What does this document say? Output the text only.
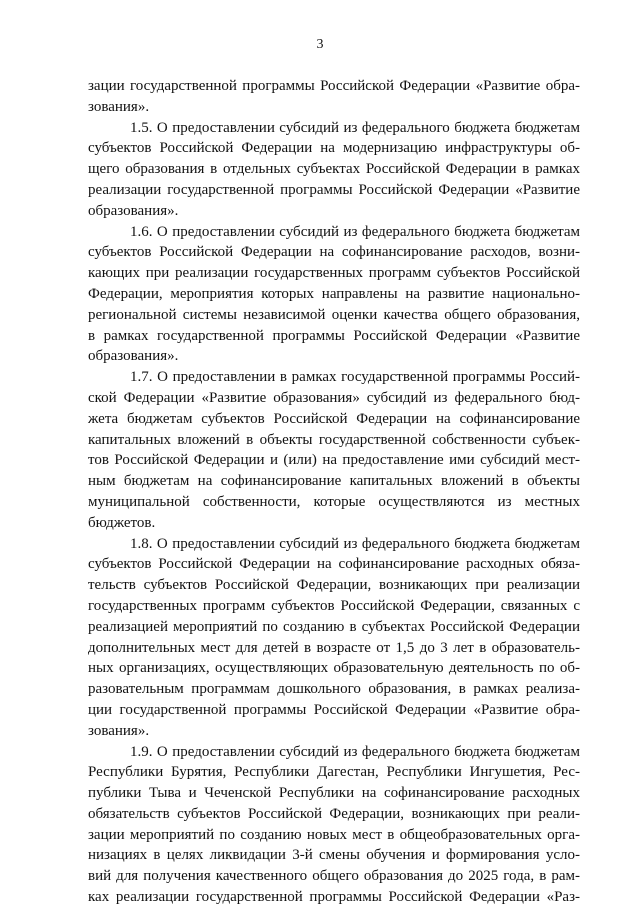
3
зации государственной программы Российской Федерации «Развитие обра-
зования».
1.5. О предоставлении субсидий из федерального бюджета бюджетам
субъектов Российской Федерации на модернизацию инфраструктуры об-
щего образования в отдельных субъектах Российской Федерации в рамках
реализации государственной программы Российской Федерации «Развитие
образования».
1.6. О предоставлении субсидий из федерального бюджета бюджетам
субъектов Российской Федерации на софинансирование расходов, возни-
кающих при реализации государственных программ субъектов Российской
Федерации, мероприятия которых направлены на развитие национально-
региональной системы независимой оценки качества общего образования,
в рамках государственной программы Российской Федерации «Развитие
образования».
1.7. О предоставлении в рамках государственной программы Россий-
ской Федерации «Развитие образования» субсидий из федерального бюд-
жета бюджетам субъектов Российской Федерации на софинансирование
капитальных вложений в объекты государственной собственности субъек-
тов Российской Федерации и (или) на предоставление ими субсидий мест-
ным бюджетам на софинансирование капитальных вложений в объекты
муниципальной собственности, которые осуществляются из местных
бюджетов.
1.8. О предоставлении субсидий из федерального бюджета бюджетам
субъектов Российской Федерации на софинансирование расходных обяза-
тельств субъектов Российской Федерации, возникающих при реализации
государственных программ субъектов Российской Федерации, связанных с
реализацией мероприятий по созданию в субъектах Российской Федерации
дополнительных мест для детей в возрасте от 1,5 до 3 лет в образователь-
ных организациях, осуществляющих образовательную деятельность по об-
разовательным программам дошкольного образования, в рамках реализа-
ции государственной программы Российской Федерации «Развитие обра-
зования».
1.9. О предоставлении субсидий из федерального бюджета бюджетам
Республики Бурятия, Республики Дагестан, Республики Ингушетия, Рес-
публики Тыва и Чеченской Республики на софинансирование расходных
обязательств субъектов Российской Федерации, возникающих при реали-
зации мероприятий по созданию новых мест в общеобразовательных орга-
низациях в целях ликвидации 3-й смены обучения и формирования усло-
вий для получения качественного общего образования до 2025 года, в рам-
ках реализации государственной программы Российской Федерации «Раз-
